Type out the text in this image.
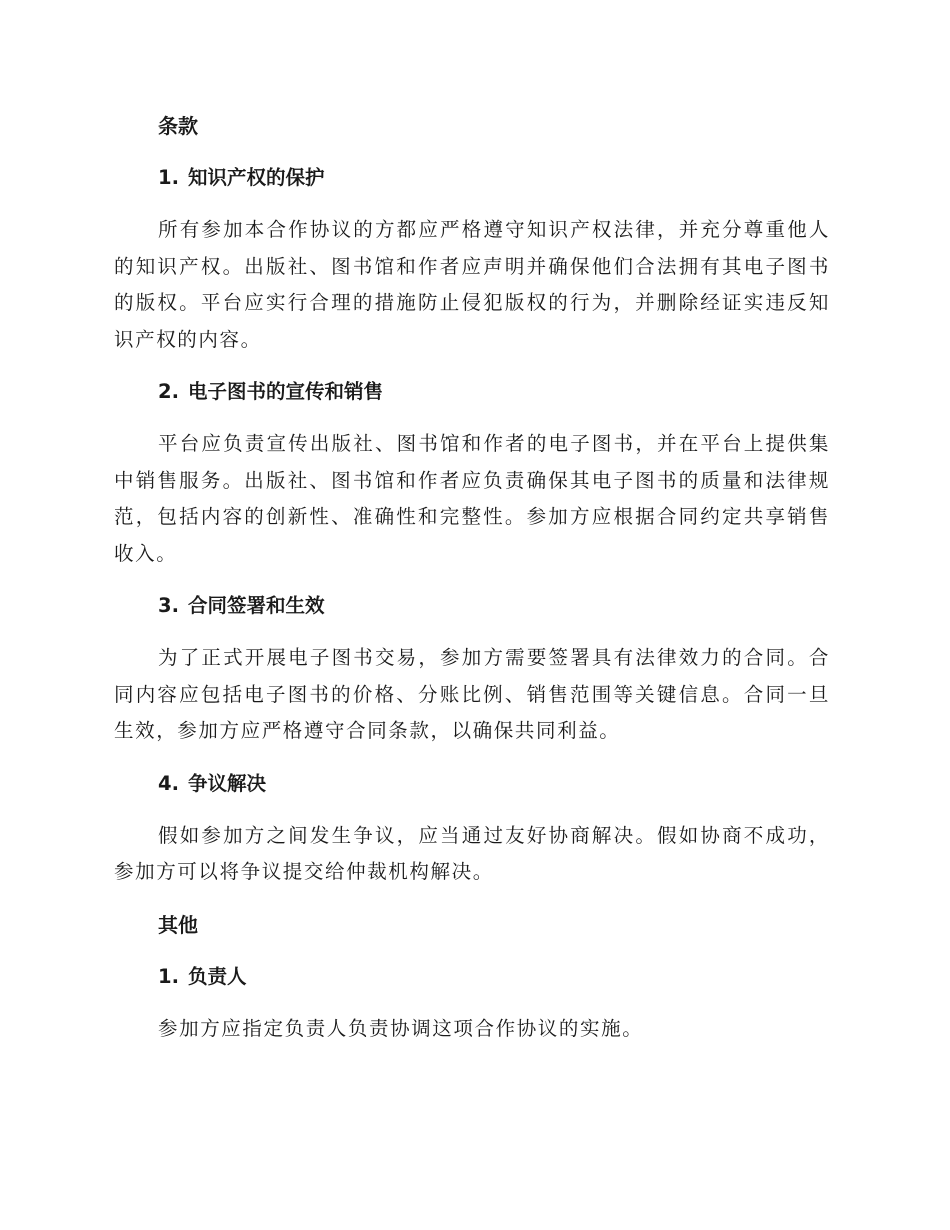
条款
1. 知识产权的保护

所有参加本合作协议的方都应严格遵守知识产权法律，并充分尊重他人的知识产权。出版社、图书馆和作者应声明并确保他们合法拥有其电子图书的版权。平台应实行合理的措施防止侵犯版权的行为，并删除经证实违反知识产权的内容。

2. 电子图书的宣传和销售

平台应负责宣传出版社、图书馆和作者的电子图书，并在平台上提供集中销售服务。出版社、图书馆和作者应负责确保其电子图书的质量和法律规范，包括内容的创新性、准确性和完整性。参加方应根据合同约定共享销售收入。

3. 合同签署和生效

为了正式开展电子图书交易，参加方需要签署具有法律效力的合同。合同内容应包括电子图书的价格、分账比例、销售范围等关键信息。合同一旦生效，参加方应严格遵守合同条款，以确保共同利益。

4. 争议解决

假如参加方之间发生争议，应当通过友好协商解决。假如协商不成功，参加方可以将争议提交给仲裁机构解决。

其他
1. 负责人

参加方应指定负责人负责协调这项合作协议的实施。
